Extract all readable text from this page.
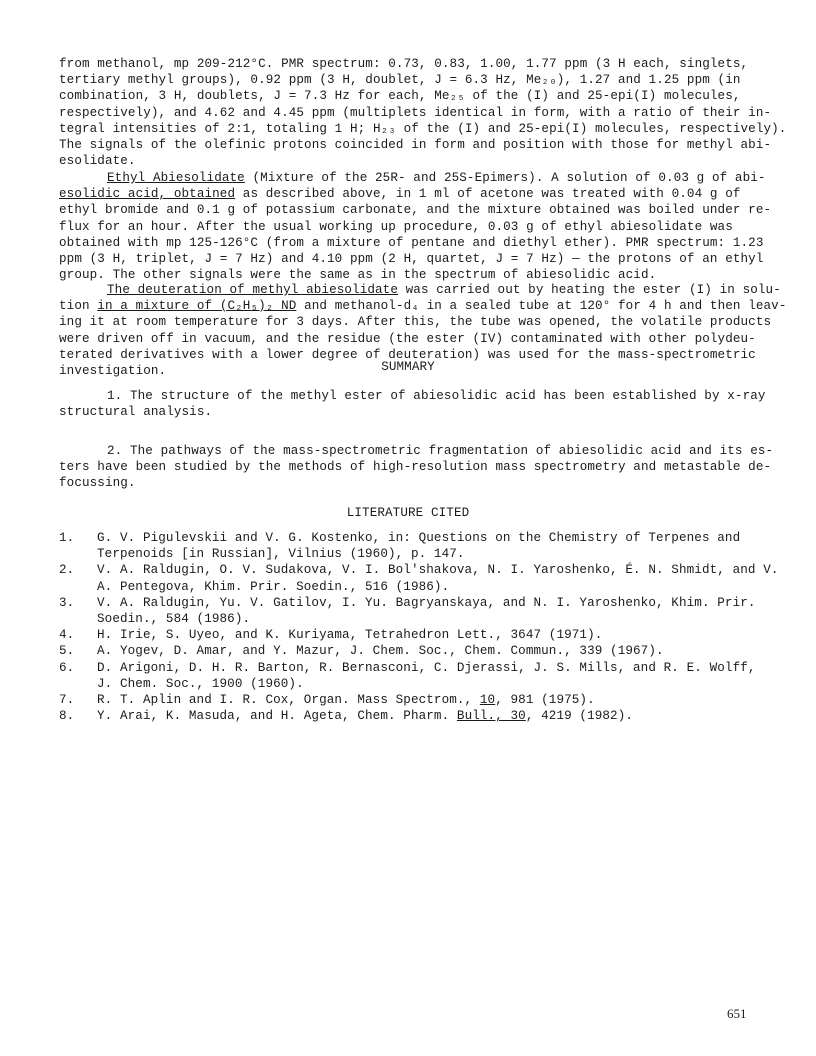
from methanol, mp 209-212°C. PMR spectrum: 0.73, 0.83, 1.00, 1.77 ppm (3 H each, singlets,
tertiary methyl groups), 0.92 ppm (3 H, doublet, J = 6.3 Hz, Me₂₀), 1.27 and 1.25 ppm (in
combination, 3 H, doublets, J = 7.3 Hz for each, Me₂₅ of the (I) and 25-epi(I) molecules,
respectively), and 4.62 and 4.45 ppm (multiplets identical in form, with a ratio of their in-
tegral intensities of 2:1, totaling 1 H; H₂₃ of the (I) and 25-epi(I) molecules, respectively).
The signals of the olefinic protons coincided in form and position with those for methyl abi-
esolidate.

Ethyl Abiesolidate (Mixture of the 25R- and 25S-Epimers). A solution of 0.03 g of abi-
esolidic acid, obtained as described above, in 1 ml of acetone was treated with 0.04 g of
ethyl bromide and 0.1 g of potassium carbonate, and the mixture obtained was boiled under re-
flux for an hour. After the usual working up procedure, 0.03 g of ethyl abiesolidate was
obtained with mp 125-126°C (from a mixture of pentane and diethyl ether). PMR spectrum: 1.23
ppm (3 H, triplet, J = 7 Hz) and 4.10 ppm (2 H, quartet, J = 7 Hz) — the protons of an ethyl
group. The other signals were the same as in the spectrum of abiesolidic acid.

The deuteration of methyl abiesolidate was carried out by heating the ester (I) in solu-
tion in a mixture of (C₂H₅)₂ ND and methanol-d₄ in a sealed tube at 120° for 4 h and then leav-
ing it at room temperature for 3 days. After this, the tube was opened, the volatile products
were driven off in vacuum, and the residue (the ester (IV) contaminated with other polydeu-
terated derivatives with a lower degree of deuteration) was used for the mass-spectrometric
investigation.	SUMMARY

1. The structure of the methyl ester of abiesolidic acid has been established by x-ray
structural analysis.

2. The pathways of the mass-spectrometric fragmentation of abiesolidic acid and its es-
ters have been studied by the methods of high-resolution mass spectrometry and metastable de-
focussing.

LITERATURE CITED
1. G. V. Pigulevskii and V. G. Kostenko, in: Questions on the Chemistry of Terpenes and
Terpenoids [in Russian], Vilnius (1960), p. 147.
2. V. A. Raldugin, O. V. Sudakova, V. I. Bol'shakova, N. I. Yaroshenko, É. N. Shmidt, and V.
A. Pentegova, Khim. Prir. Soedin., 516 (1986).
3. V. A. Raldugin, Yu. V. Gatilov, I. Yu. Bagryanskaya, and N. I. Yaroshenko, Khim. Prir.
Soedin., 584 (1986).
4. H. Irie, S. Uyeo, and K. Kuriyama, Tetrahedron Lett., 3647 (1971).
5. A. Yogev, D. Amar, and Y. Mazur, J. Chem. Soc., Chem. Commun., 339 (1967).
6. D. Arigoni, D. H. R. Barton, R. Bernasconi, C. Djerassi, J. S. Mills, and R. E. Wolff,
J. Chem. Soc., 1900 (1960).
7. R. T. Aplin and I. R. Cox, Organ. Mass Spectrom., 10, 981 (1975).
8. Y. Arai, K. Masuda, and H. Ageta, Chem. Pharm. Bull., 30, 4219 (1982).
651
